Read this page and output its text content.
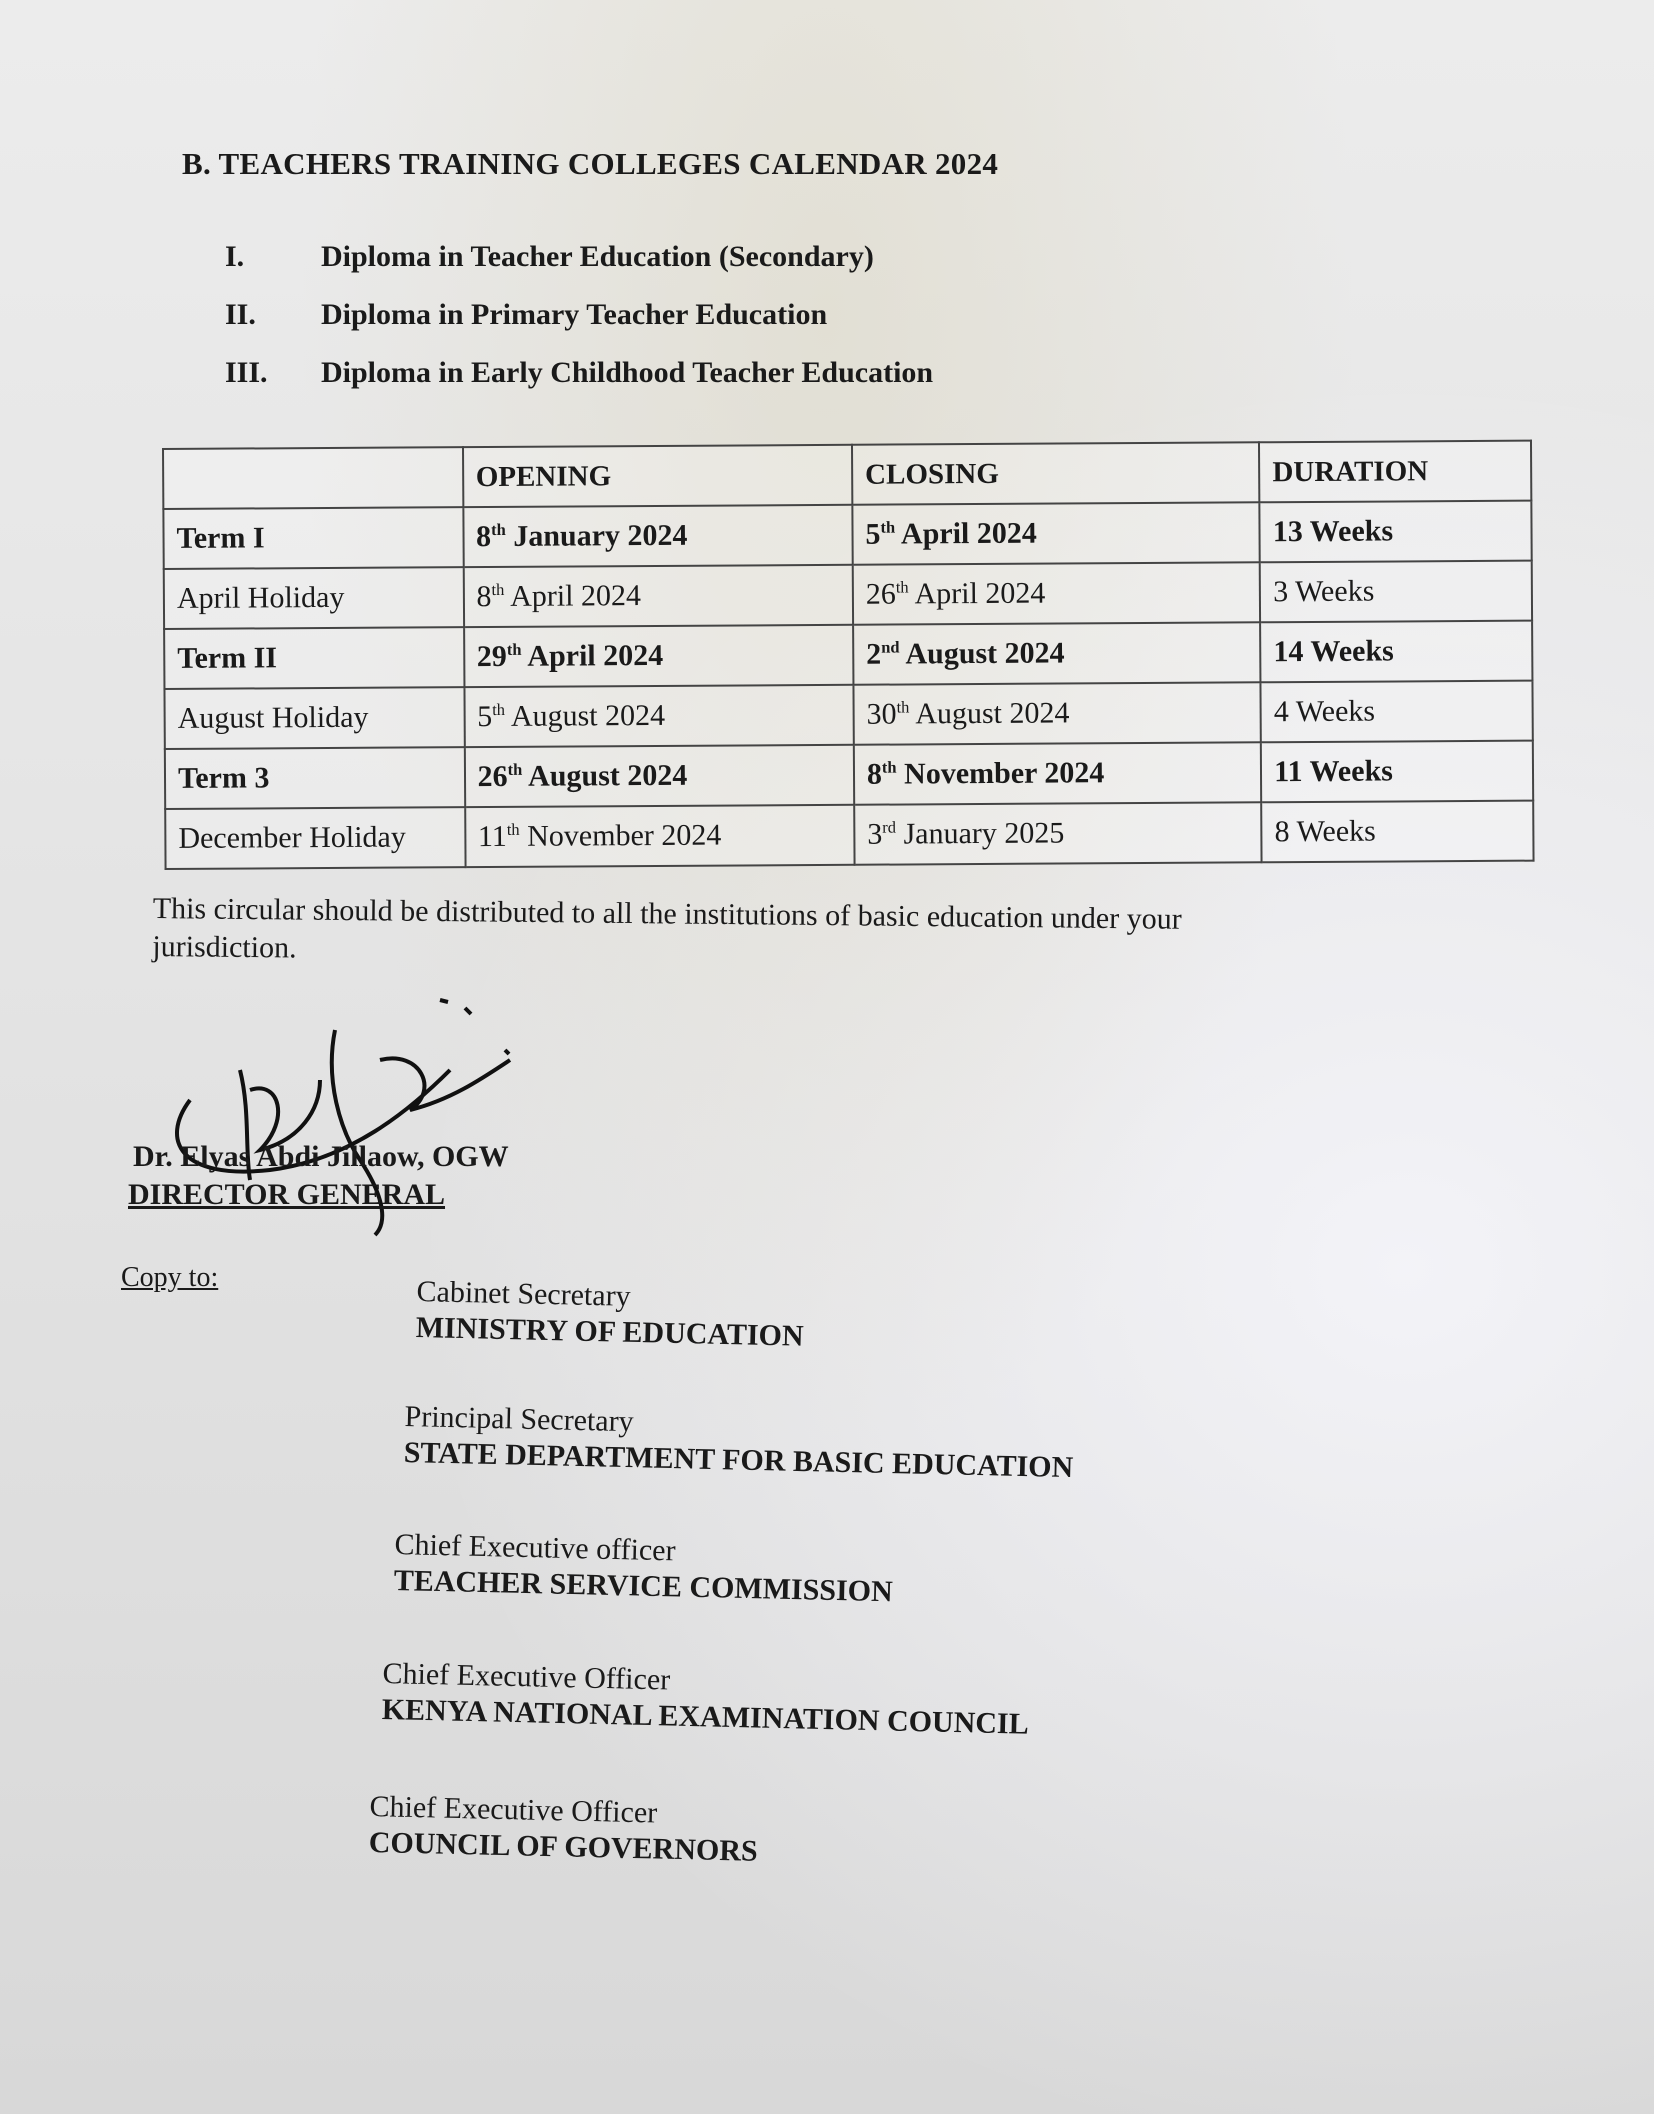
B. TEACHERS TRAINING COLLEGES CALENDAR 2024
I.	Diploma in Teacher Education (Secondary)
II.	Diploma in Primary Teacher Education
III.	Diploma in Early Childhood Teacher Education
	OPENING	CLOSING	DURATION
Term I	8th January 2024	5th April 2024	13 Weeks
April Holiday	8th April 2024	26th April 2024	3 Weeks
Term II	29th April 2024	2nd August 2024	14 Weeks
August Holiday	5th August 2024	30th August 2024	4 Weeks
Term 3	26th August 2024	8th November 2024	11 Weeks
December Holiday	11th November 2024	3rd January 2025	8 Weeks
This circular should be distributed to all the institutions of basic education under your jurisdiction.
Dr. Elyas Abdi Jillaow, OGW
DIRECTOR GENERAL
Copy to:	Cabinet Secretary
MINISTRY OF EDUCATION
Principal Secretary
STATE DEPARTMENT FOR BASIC EDUCATION
Chief Executive officer
TEACHER SERVICE COMMISSION
Chief Executive Officer
KENYA NATIONAL EXAMINATION COUNCIL
Chief Executive Officer
COUNCIL OF GOVERNORS
